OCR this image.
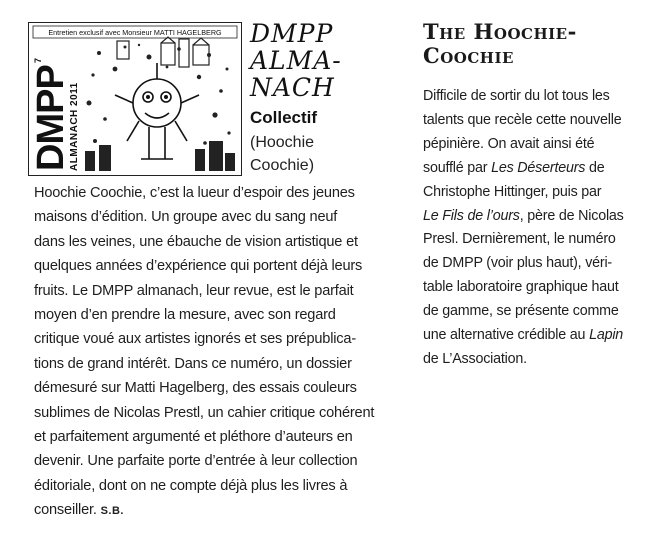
Entretien exclusif avec Monsieur MATTI HAGELBERG
DMPP
ALMANACH 2011
7
DMPP
ALMA-
NACH
Collectif
(Hoochie
Coochie)
Hoochie Coochie, c’est la lueur d’espoir des jeunes
maisons d’édition. Un groupe avec du sang neuf
dans les veines, une ébauche de vision artistique et
quelques années d’expérience qui portent déjà leurs
fruits. Le DMPP almanach, leur revue, est le parfait
moyen d’en prendre la mesure, avec son regard
critique voué aux artistes ignorés et ses prépublica-
tions de grand intérêt. Dans ce numéro, un dossier
démesuré sur Matti Hagelberg, des essais couleurs
sublimes de Nicolas Prestl, un cahier critique cohérent
et parfaitement argumenté et pléthore d’auteurs en
devenir. Une parfaite porte d’entrée à leur collection
éditoriale, dont on ne compte déjà plus les livres à
conseiller. S.B.
The Hoochie-
Coochie
Difficile de sortir du lot tous les
talents que recèle cette nouvelle
pépinière. On avait ainsi été
soufflé par Les Déserteurs de
Christophe Hittinger, puis par
Le Fils de l’ours, père de Nicolas
Presl. Dernièrement, le numéro
de DMPP (voir plus haut), véri-
table laboratoire graphique haut
de gamme, se présente comme
une alternative crédible au Lapin
de L’Association.
